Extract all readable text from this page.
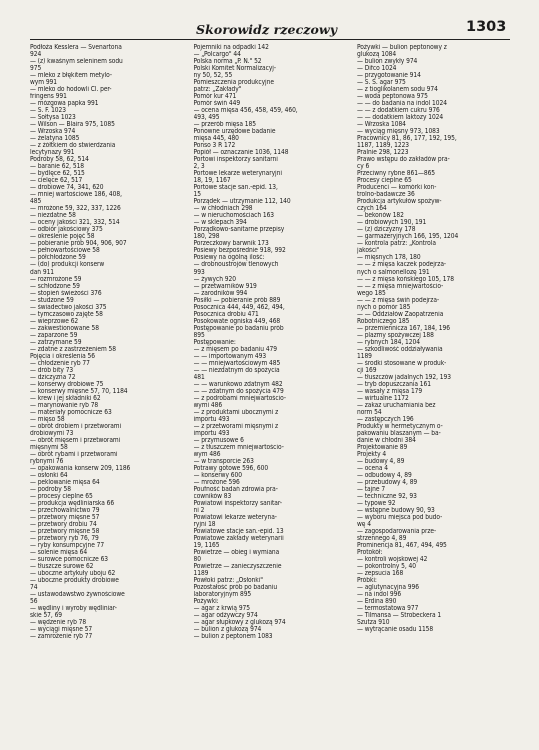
Skorowidz rzeczowy	1303
Podłoża Kesslera — Svenartona
924
— (z) kwaśnym seleninem sodu
975
— mleko z błękitem metylo-
wym 991
— mleko do hodowli Cl. per-
fringens 991
— mózgowa papka 991
— S. F. 1023
— Sołtysa 1023
— Wilson — Blaira 975, 1085
— Wrzoska 974
— żelatyna 1085
— z żółtkiem do stwierdzania
lecytynazy 991
Podroby 58, 62, 514
— baranie 62, 518
— bydlęce 62, 515
— cielęce 62, 517
— drobiowe 74, 341, 620
— mniej wartościowe 186, 408,
485
— mrożone 59, 322, 337, 1226
— niezdatne 58
— oceny jakości 321, 332, 514
— odbiór jakościowy 375
— określenie pojęć 58
— pobieranie prób 904, 906, 907
— pełnowartościowe 58
— półchłodzone 59
— (do) produkcji konserw
dań 911
— rozmrożone 59
— schłodzone 59
— stopień świeżości 376
— studzone 59
— świadectwo jakości 375
— tymczasowo zajęte 58
— wieprzowe 62
— zakwestionowane 58
— zaparzone 59
— zatrzymane 59
— zdatne z zastrzeżeniem 58
Pojęcia i określenia 56
— chłodzenie ryb 77
— drób bity 73
— dziczyzna 72
— konserwy drobiowe 75
— konserwy mięsne 57, 70, 1184
— krew i jej składniki 62
— marynowanie ryb 78
— materiały pomocnicze 63
— mięso 58
— obrót drobiem i przetworami
drobiowymi 73
— obrót mięsem i przetworami
mięsnymi 58
— obrót rybami i przetworami
rybnymi 76
— opakowania konserw 209, 1186
— osłonki 64
— peklowanie mięsa 64
— podroby 58
— procesy cieplne 65
— produkcja wędliniarska 66
— przechowalnictwo 79
— przetwory mięsne 57
— przetwory drobiu 74
— przetwory mięsne 58
— przetwory ryb 76, 79
— ryby konsumpcyjne 77
— solenie mięsa 64
— surowce pomocnicze 63
— tłuszcze surowe 62
— uboczne artykuły uboju 62
— uboczne produkty drobiowe
74
— ustawodawstwo żywnościowe
56
— wędliny i wyroby wędliniar-
skie 57, 69
— wędzenie ryb 78
— wyciągi mięsne 57
— zamrożenie ryb 77
Pojemniki na odpadki 142
— „Polcargo" 44
Polska norma „P. N." 52
Polski Komitet Normalizacyj-
ny 50, 52, 55
Pomieszczenia produkcyjne
patrz: „Zakłady"
Pomór kur 471
Pomór świń 449
— ocena mięsa 456, 458, 459, 460,
493, 495
— przerób mięsa 185
Ponowne urzędowe badanie
mięsa 445, 480
Ponso 3 R 172
Popiół — oznaczanie 1036, 1148
Portowi inspektorzy sanitarni
2, 3
Portowe lekarze weterynaryjni
18, 19, 1167
Portowe stacje san.-epid. 13,
15
Porządek — utrzymanie 112, 140
— w chłodniach 298
— w nieruchomościach 163
— w sklepach 394
Porządkowo-sanitarne przepisy
180, 298
Porzeczkowy barwnik 173
Posiewy bezpośrednie 918, 992
Posiewy na ogólną ilość:
— drobnoustrojów tlenowych
993
— żywych 920
— przetwarników 919
— zarodników 994
Posiłki — pobieranie prób 889
Posocznica 444, 449, 462, 494,
Posocznica drobiu 471
Posokowate ogniska 449, 468
Postępowanie po badaniu prób
895
Postępowanie:
— z mięsem po badaniu 479
— — importowanym 493
— — mniejwartościowym 485
— — niezdatnym do spożycia
481
— — warunkowo zdatnym 482
— — zdatnym do spożycia 479
— z podrobami mniejwartościo-
wymi 486
— z produktami ubocznymi z
importu 493
— z przetworami mięsnymi z
importu 493
— przymusowe 6
— z tłuszczem mniejwartościo-
wym 486
— w transporcie 263
Potrawy gotowe 596, 600
— konserwy 600
— mrożone 596
Poufność badań zdrowia pra-
cowników 83
Powiatowi inspektorzy sanitar-
ni 2
Powiatowi lekarze weteryna-
ryjni 18
Powiatowe stacje san.-epid. 13
Powiatowe zakłady weterynarii
19, 1165
Powietrze — obieg i wymiana
80
Powietrze — zanieczyszczenie
1189
Powłoki patrz: „Osłonki"
Pozostałość prób po badaniu
laboratoryjnym 895
Pożywki:
— agar z krwią 975
— agar odżywczy 974
— agar słupkowy z glukozą 974
— bulion z glukozą 974
— bulion z peptonem 1083
Pożywki — bulion peptonowy z
glukozą 1084
— bulion zwykły 974
— Difco 1024
— przygotowanie 914
— S. S. agar 975
— z tioglikolanem sodu 974
— woda peptonowa 975
— — do badania na indol 1024
— — z dodatkiem cukru 976
— — dodatkiem laktozy 1024
— Wrzoska 1084
— wyciąg mięsny 973, 1083
Pracownicy 81, 86, 177, 192, 195,
1187, 1189, 1223
Pralnie 298, 1223
Prawo wstępu do zakładów pra-
cy 6
Przeciwny rybne 861—865
Procesy cieplne 65
Producenci — komórki kon-
trolno-badawcze 36
Produkcja artykułów spożyw-
czych 164
— bekonów 182
— drobiowych 190, 191
— (z) dziczyzny 178
— garmażeryjnych 166, 195, 1204
— kontrola patrz: „Kontrola
jakości"
— mięsnych 178, 180
— — z mięsa kaczek podejrza-
nych o salmonellozę 191
— — z mięsa końskiego 105, 178
— — z mięsa mniejwartościo-
wego 185
— — z mięsa świń podejrza-
nych o pomór 185
— — Oddziałów Zaopatrzenia
Robotniczego 185
— przemiennicza 167, 184, 196
— plazmy spożywczej 188
— rybnych 184, 1204
— szkodliwość oddziaływania
1189
— środki stosowane w produk-
cji 169
— tłuszczów jadalnych 192, 193
— tryb dopuszczania 161
— wasały z mięsa 179
— wirtualne 1172
— zakaz uruchamiania bez
norm 54
— zastępczych 196
Produkty w hermetycznym o-
pakowaniu blaszanym — ba-
danie w chłodni 384
Projektowanie 89
Projekty 4
— budowy 4, 89
— ocena 4
— odbudowy 4, 89
— przebudowy 4, 89
— tajne 7
— techniczne 92, 93
— typowe 92
— wstępne budowy 90, 93
— wyboru miejsca pod budo-
wę 4
— zagospodarowania prze-
strzennego 4, 89
Prominencja 81, 467, 494, 495
Protokół:
— kontroli wojskowej 42
— pokontrolny 5, 40
— zepsucia 168
Próbki:
— aglutynacyjna 996
— na indol 996
— Erdina 890
— termostatowa 977
— Tilmansa — Strobeckera 1
Szutza 910
— wytrącanie osadu 1158
